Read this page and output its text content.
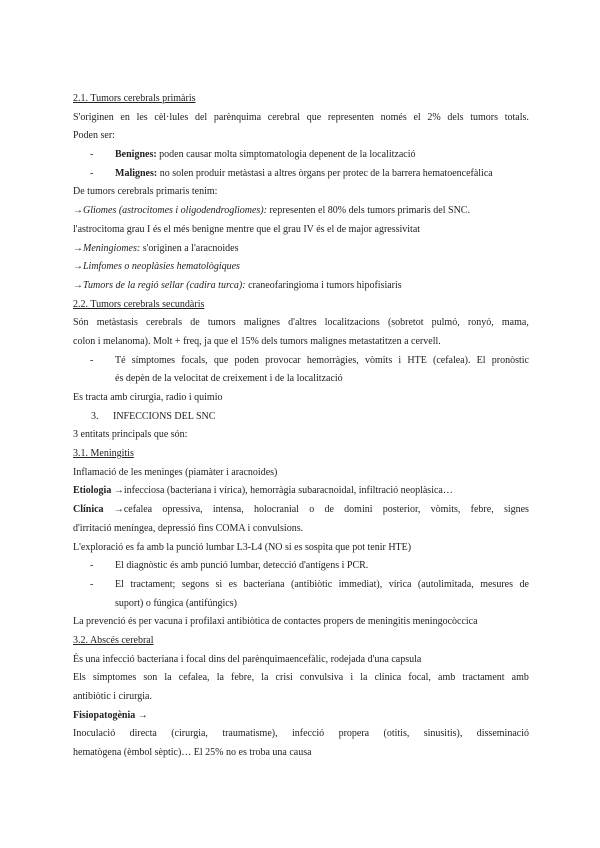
2.1. Tumors cerebrals primàris
S'originen en les cèl·lules del parènquima cerebral que representen només el 2% dels tumors totals.
Poden ser:
- Benignes: poden causar molta simptomatologia depenent de la localització
- Malignes: no solen produir metàstasi a altres òrgans per protec de la barrera hematoencefàlica
De tumors cerebrals primaris tenim:
→Gliomes (astrocitomes i oligodendrogliomes): representen el 80% dels tumors primaris del SNC.
l'astrocitoma grau I és el més benigne mentre que el grau IV és el de major agressivitat
→Meningiomes: s'originen a l'aracnoides
→Limfomes o neoplàsies hematològiques
→Tumors de la regió sellar (cadira turca): craneofaringioma i tumors hipofisiaris
2.2. Tumors cerebrals secundàris
Són metàstasis cerebrals de tumors malignes d'altres localitzacions (sobretot pulmó, ronyó, mama,
colon i melanoma). Molt + freq, ja que el 15% dels tumors malignes metastatitzen a cervell.
- Té símptomes focals, que poden provocar hemorràgies, vòmits i HTE (cefalea). El pronòstic
és depèn de la velocitat de creixement i de la localització
Es tracta amb cirurgia, radio i quimio
3. INFECCIONS DEL SNC
3 entitats principals que són:
3.1. Meningitis
Inflamació de les meninges (piamàter i aracnoides)
Etiologia →infecciosa (bacteriana i vírica), hemorràgia subaracnoidal, infiltració neoplàsica…
Clínica →cefalea opressiva, intensa, holocranial o de domini posterior, vòmits, febre, signes
d'irritació meníngea, depressió fins COMA i convulsions.
L'exploració es fa amb la punció lumbar L3-L4 (NO si es sospita que pot tenir HTE)
- El diagnòstic és amb punció lumbar, detecció d'antígens i PCR.
- El tractament; segons si es bacteriana (antibiòtic immediat), vírica (autolimitada, mesures de
suport) o fúngica (antifúngics)
La prevenció és per vacuna i profilaxi antibiòtica de contactes propers de meningitis meningocòccica
3.2. Abscés cerebral
És una infecció bacteriana i focal dins del parènquimaencefàlic, rodejada d'una capsula
Els símptomes son la cefalea, la febre, la crisi convulsiva i la clínica focal, amb tractament amb
antibiòtic i cirurgia.
Fisiopatogènia →
Inoculació directa (cirurgia, traumatisme), infecció propera (otitis, sinusitis), disseminació
hematògena (èmbol sèptic)… El 25% no es troba una causa
